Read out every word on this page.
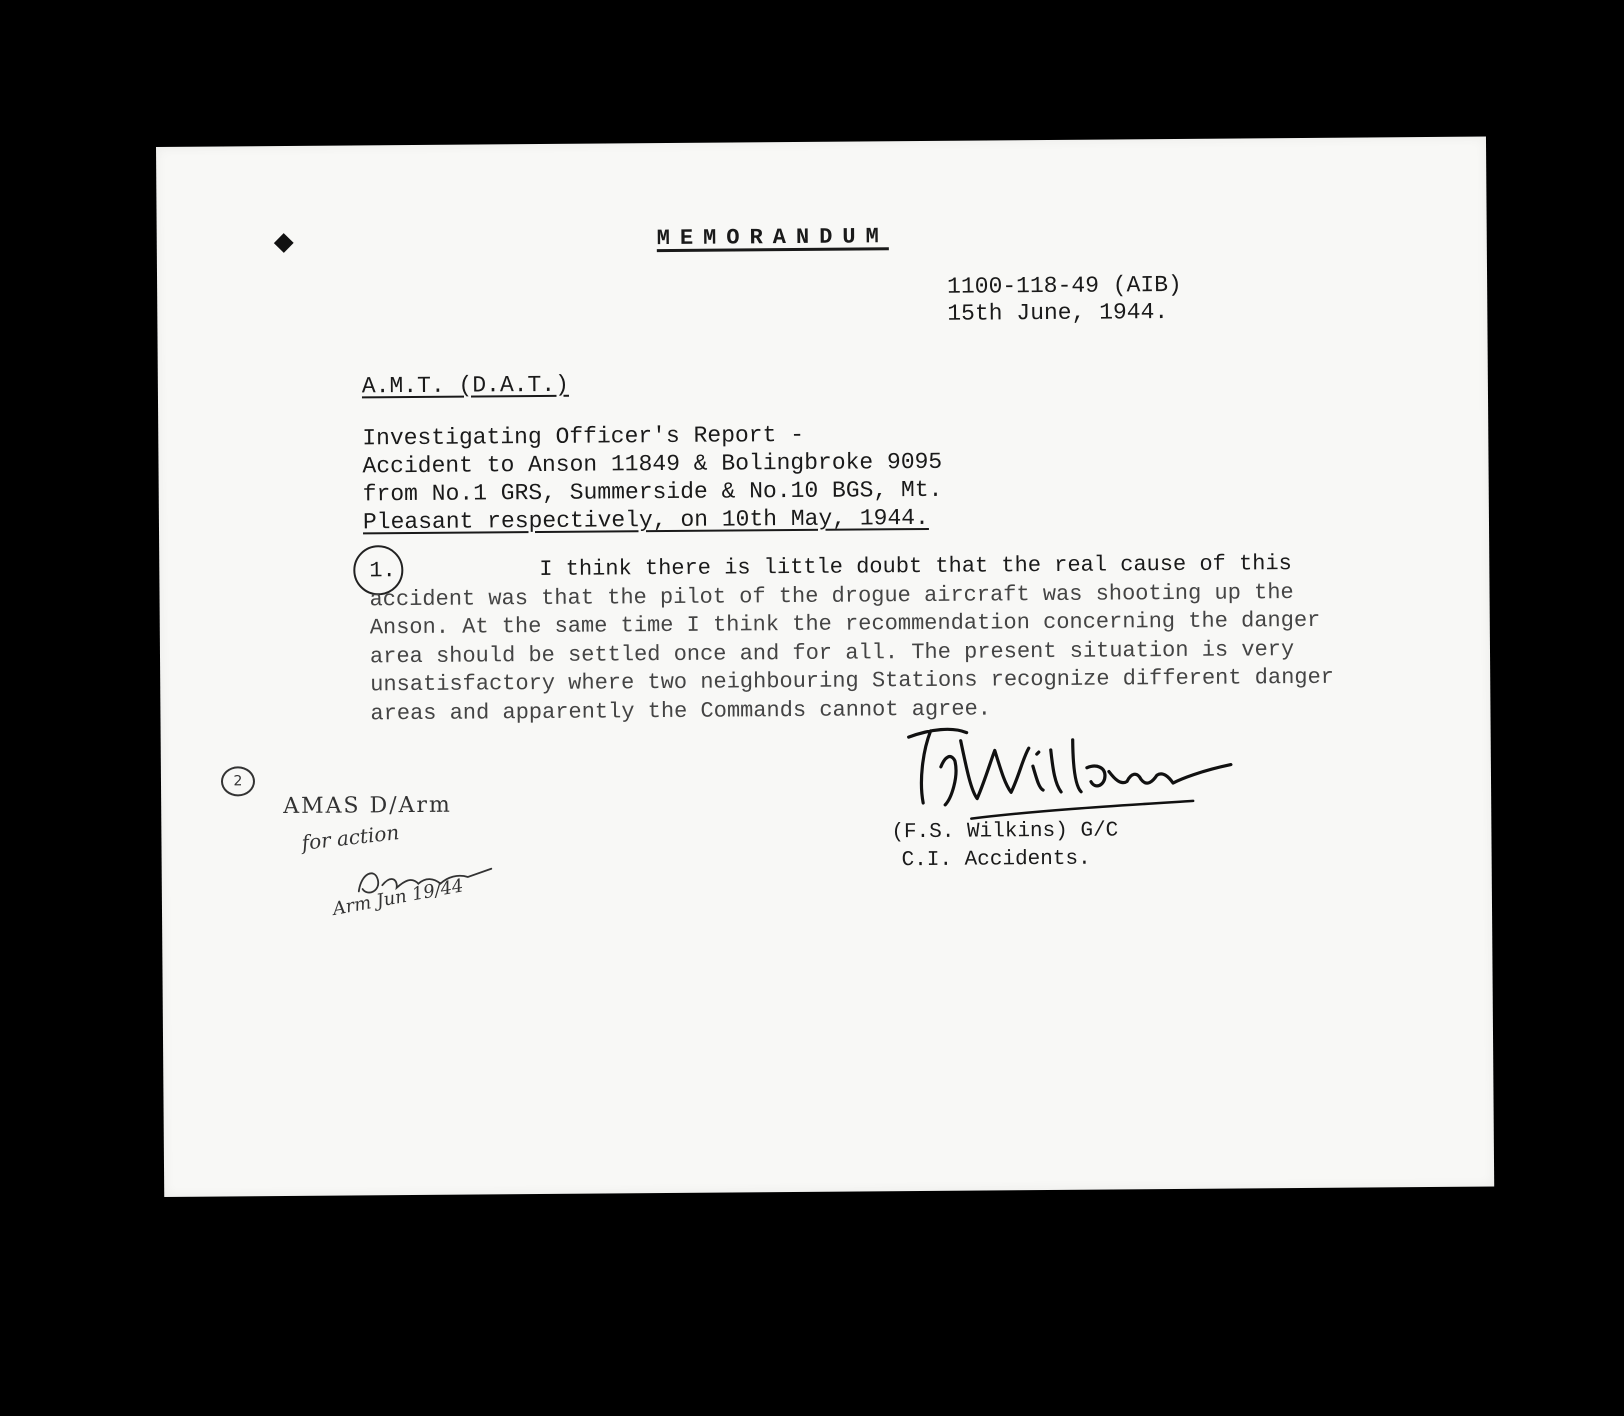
MEMORANDUM
1100-118-49 (AIB)
15th June, 1944.
A.M.T. (D.A.T.)
Investigating Officer's Report -
Accident to Anson 11849 & Bolingbroke 9095
from No.1 GRS, Summerside & No.10 BGS, Mt.
Pleasant respectively, on 10th May, 1944.
1.	I think there is little doubt that the real cause of this
accident was that the pilot of the drogue aircraft was shooting up the
Anson. At the same time I think the recommendation concerning the danger
area should be settled once and for all. The present situation is very
unsatisfactory where two neighbouring Stations recognize different danger
areas and apparently the Commands cannot agree.
(F.S. Wilkins) G/C
C.I. Accidents.
2
AMAS D/Arm
for action
Arm Jun 19/44
